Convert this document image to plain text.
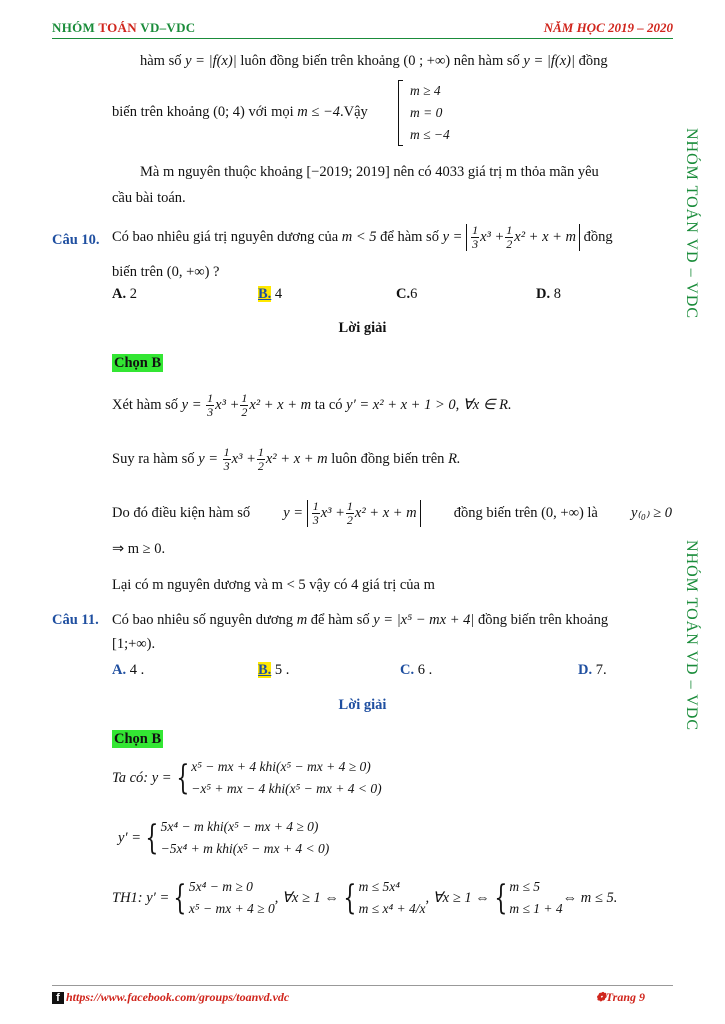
NHÓM TOÁN VD–VDC	NĂM HỌC 2019 – 2020
NHÓM TOÁN VD – VDC
NHÓM TOÁN VD – VDC
hàm số y = |f(x)| luôn đồng biến trên khoảng (0 ; +∞) nên hàm số y = |f(x)| đồng
biến trên khoảng (0; 4) với mọi m ≤ −4.Vậy
m ≥ 4
m = 0
m ≤ −4
Mà m nguyên thuộc khoảng [−2019; 2019] nên có 4033 giá trị m thỏa mãn yêu
cầu bài toán.
Câu 10. Có bao nhiêu giá trị nguyên dương của m < 5 để hàm số $y = \frac{1}{3} x^3 + \frac{1}{2} x^2 + x + m$ đồng
biến trên (0, +∞) ?
A. 2	B. 4	C.6	D. 8
Lời giải
Chọn B
Xét hàm số $y = \frac{1}{3} x^3 + \frac{1}{2} x^2 + x + m$ ta có y′ = x² + x + 1 > 0, ∀x ∈ R.
Suy ra hàm số $y = \frac{1}{3} x^3 + \frac{1}{2} x^2 + x + m$ luôn đồng biến trên R.
Do đó điều kiện hàm số $y = \frac{1}{3} x^3 + \frac{1}{2} x^2 + x + m$	đồng biến trên (0, +∞) là y₍₀₎ ≥ 0
⇒ m ≥ 0.
Lại có m nguyên dương và m < 5 vậy có 4 giá trị của m
Câu 11. Có bao nhiêu số nguyên dương m để hàm số y = |x⁵ − mx + 4| đồng biến trên khoảng
[1;+∞).
A. 4 .	B. 5 .	C. 6 .	D. 7.
Lời giải
Chọn B
Ta có: y = { x⁵ − mx + 4 khi(x⁵ − mx + 4 ≥ 0)
−x⁵ + mx − 4 khi(x⁵ − mx + 4 < 0)
y′ = { 5x⁴ − m khi(x⁵ − mx + 4 ≥ 0)
−5x⁴ + m khi(x⁵ − mx + 4 < 0)
TH1: y′ = { 5x⁴ − m ≥ 0
x⁵ − mx + 4 ≥ 0
, ∀x ≥ 1 ⇔ { m ≤ 5x⁴
m ≤ x⁴ + 4/x
, ∀x ≥ 1 ⇔ { m ≤ 5
m ≤ 1 + 4
⇔ m ≤ 5.
f https://www.facebook.com/groups/toanvd.vdc	❁Trang 9
